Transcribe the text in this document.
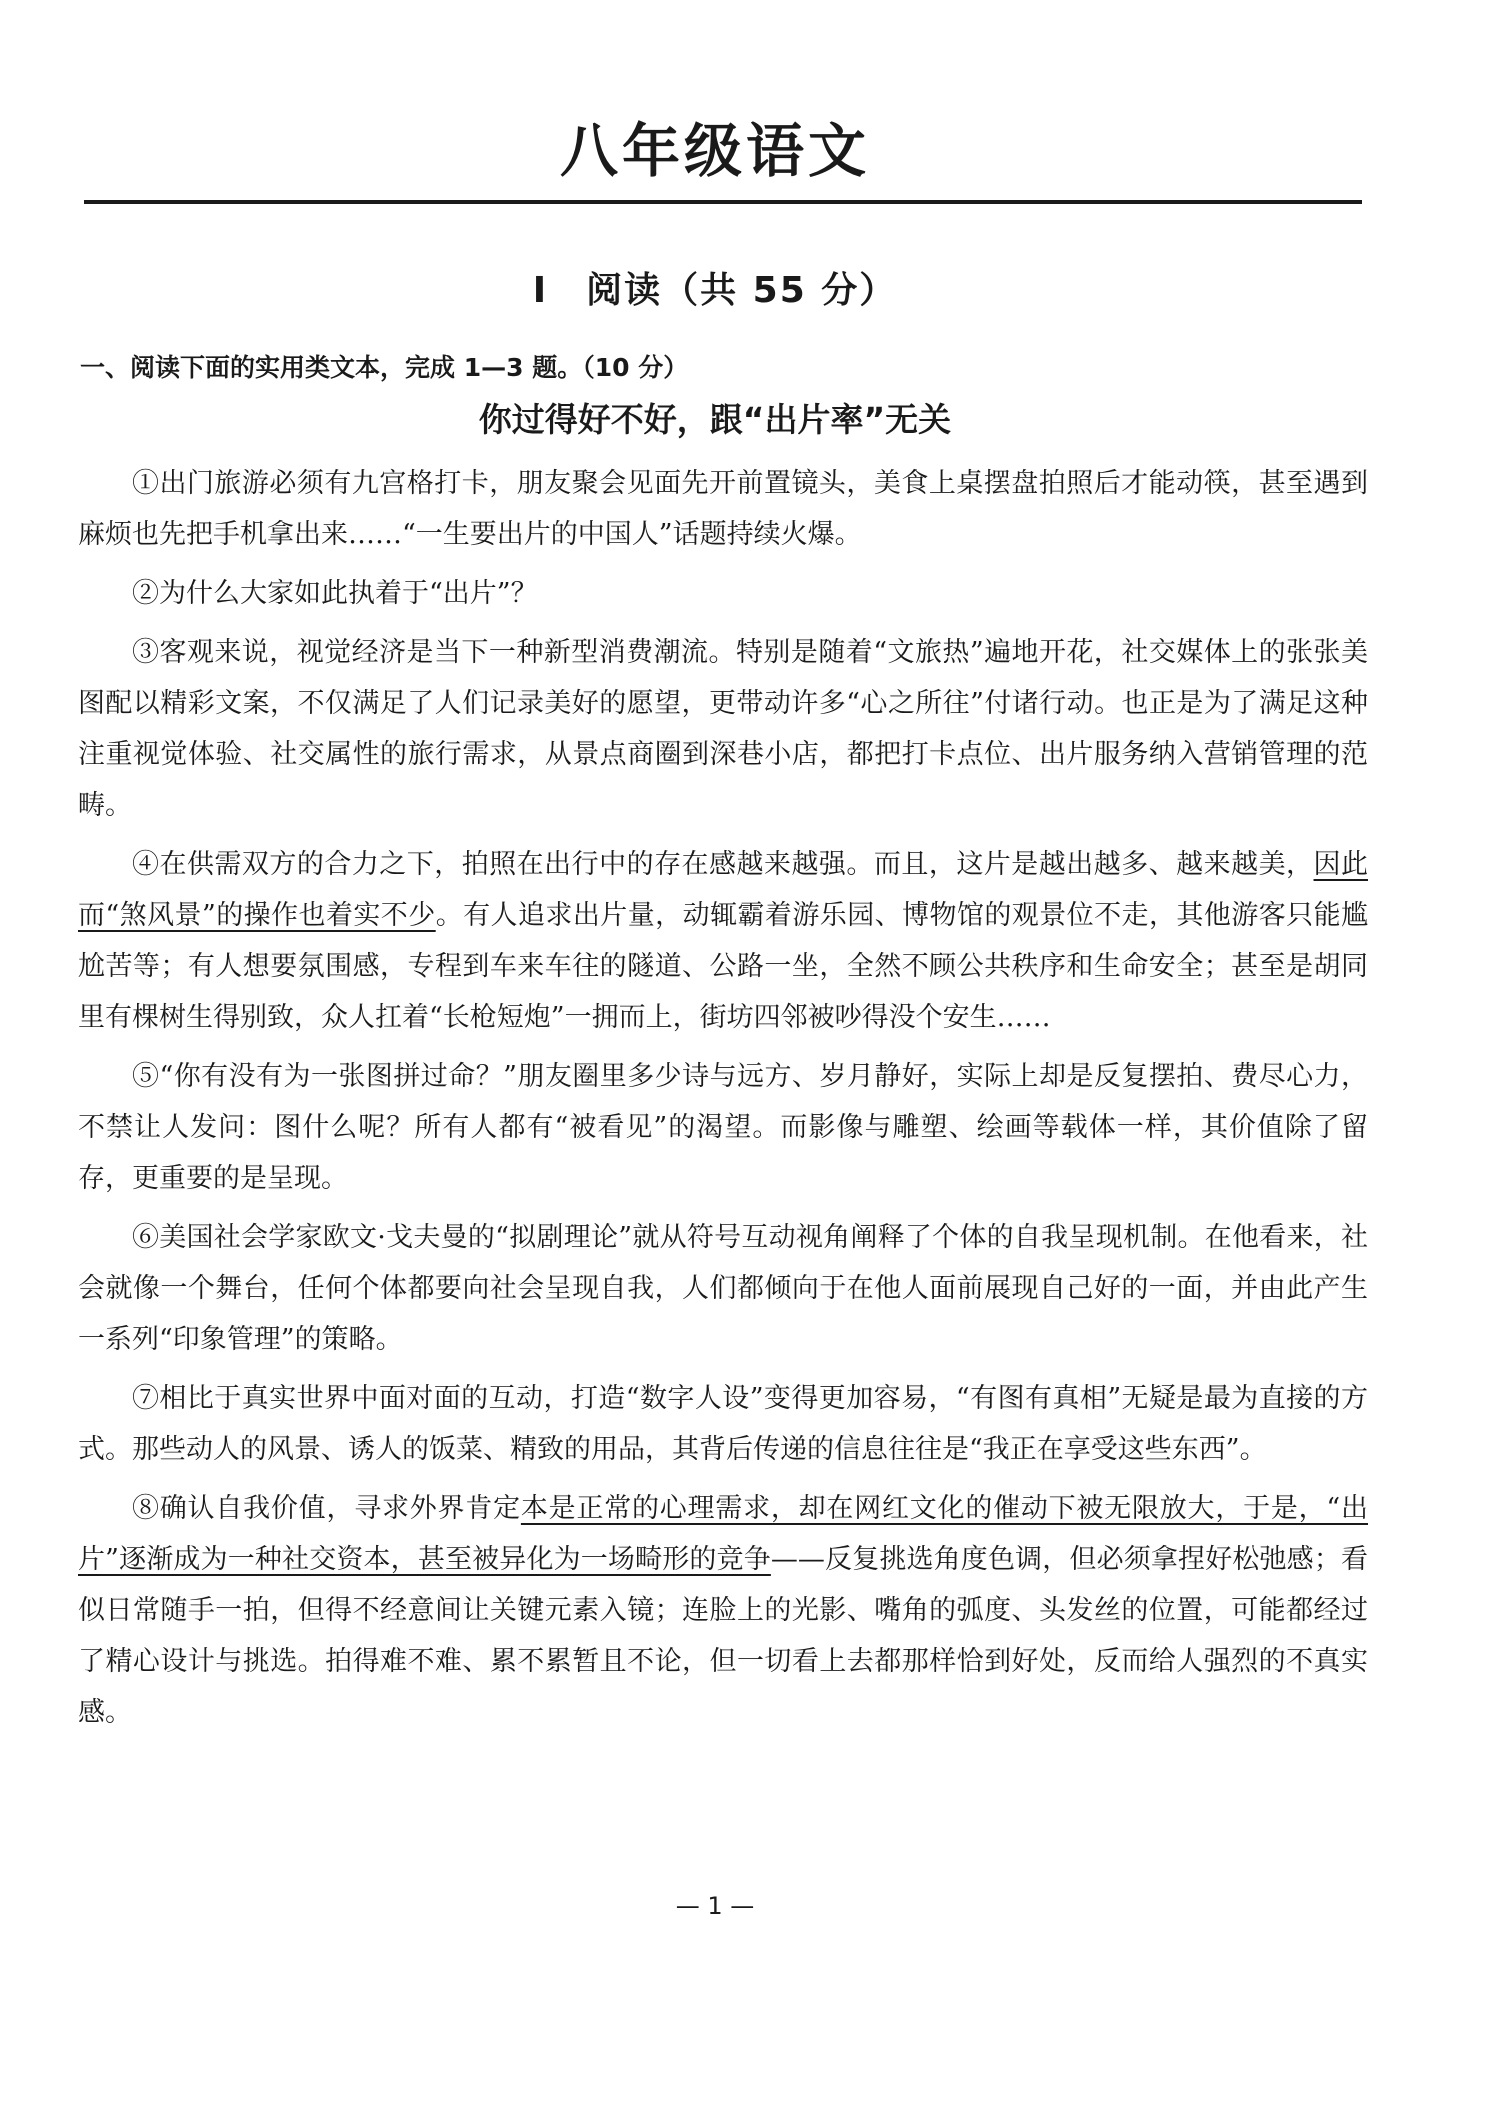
八年级语文
Ⅰ　阅读（共 55 分）
一、阅读下面的实用类文本，完成 1—3 题。（10 分）
你过得好不好，跟“出片率”无关

①出门旅游必须有九宫格打卡，朋友聚会见面先开前置镜头，美食上桌摆盘拍照后才能动筷，甚至遇到麻烦也先把手机拿出来……“一生要出片的中国人”话题持续火爆。

②为什么大家如此执着于“出片”？

③客观来说，视觉经济是当下一种新型消费潮流。特别是随着“文旅热”遍地开花，社交媒体上的张张美图配以精彩文案，不仅满足了人们记录美好的愿望，更带动许多“心之所往”付诸行动。也正是为了满足这种注重视觉体验、社交属性的旅行需求，从景点商圈到深巷小店，都把打卡点位、出片服务纳入营销管理的范畴。

④在供需双方的合力之下，拍照在出行中的存在感越来越强。而且，这片是越出越多、越来越美，因此而“煞风景”的操作也着实不少。有人追求出片量，动辄霸着游乐园、博物馆的观景位不走，其他游客只能尴尬苦等；有人想要氛围感，专程到车来车往的隧道、公路一坐，全然不顾公共秩序和生命安全；甚至是胡同里有棵树生得别致，众人扛着“长枪短炮”一拥而上，街坊四邻被吵得没个安生……

⑤“你有没有为一张图拼过命？”朋友圈里多少诗与远方、岁月静好，实际上却是反复摆拍、费尽心力，不禁让人发问：图什么呢？所有人都有“被看见”的渴望。而影像与雕塑、绘画等载体一样，其价值除了留存，更重要的是呈现。

⑥美国社会学家欧文·戈夫曼的“拟剧理论”就从符号互动视角阐释了个体的自我呈现机制。在他看来，社会就像一个舞台，任何个体都要向社会呈现自我，人们都倾向于在他人面前展现自己好的一面，并由此产生一系列“印象管理”的策略。

⑦相比于真实世界中面对面的互动，打造“数字人设”变得更加容易，“有图有真相”无疑是最为直接的方式。那些动人的风景、诱人的饭菜、精致的用品，其背后传递的信息往往是“我正在享受这些东西”。

⑧确认自我价值，寻求外界肯定本是正常的心理需求，却在网红文化的催动下被无限放大，于是，“出片”逐渐成为一种社交资本，甚至被异化为一场畸形的竞争——反复挑选角度色调，但必须拿捏好松弛感；看似日常随手一拍，但得不经意间让关键元素入镜；连脸上的光影、嘴角的弧度、头发丝的位置，可能都经过了精心设计与挑选。拍得难不难、累不累暂且不论，但一切看上去都那样恰到好处，反而给人强烈的不真实感。

— 1 —
